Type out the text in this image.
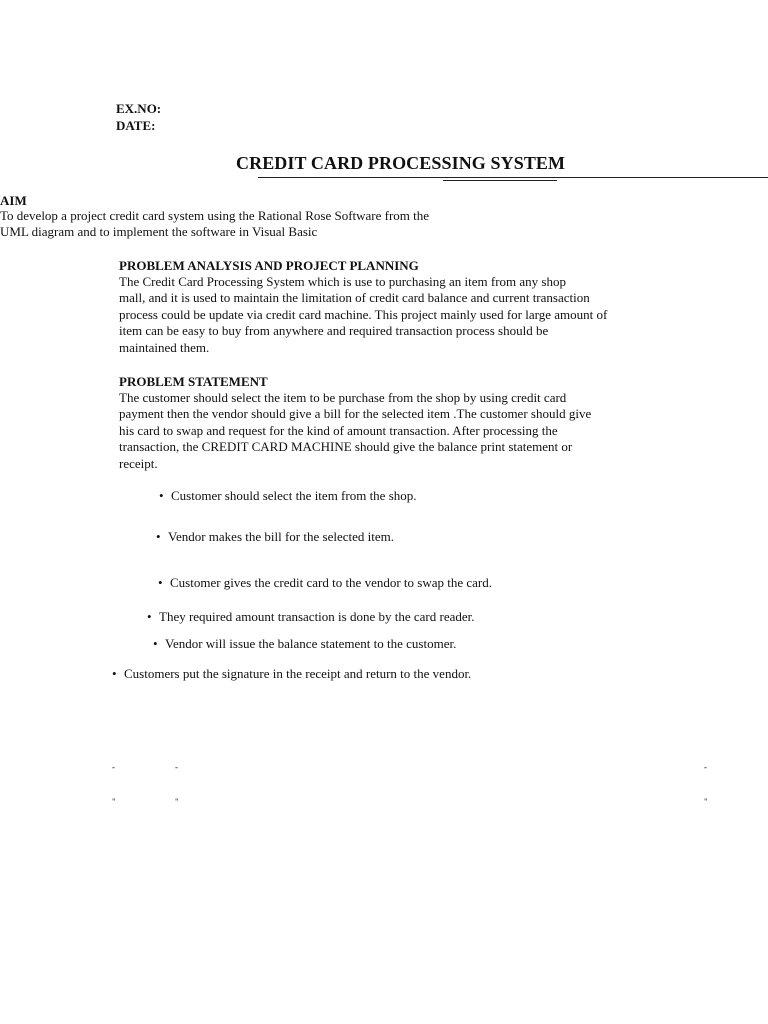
EX.NO:
DATE:
CREDIT CARD PROCESSING SYSTEM
AIM
To develop a project credit card system using the Rational Rose Software from the
UML diagram and to implement the software in Visual Basic
PROBLEM ANALYSIS AND PROJECT PLANNING
The Credit Card Processing System which is use to purchasing an item from any shop
mall, and it is used to maintain the limitation of credit card balance and current transaction
process could be update via credit card machine. This project mainly used for large amount of
item can be easy to buy from anywhere and required transaction process should be
maintained them.
PROBLEM STATEMENT
The customer should select the item to be purchase from the shop by using credit card
payment then the vendor should give a bill for the selected item .The customer should give
his card to swap and request for the kind of amount transaction. After processing the
transaction, the CREDIT CARD MACHINE should give the balance print statement or
receipt.
• Customer should select the item from the shop.
• Vendor makes the bill for the selected item.
• Customer gives the credit card to the vendor to swap the card.
• They required amount transaction is done by the card reader.
• Vendor will issue the balance statement to the customer.
• Customers put the signature in the receipt and return to the vendor.
-	-	-
"	"	"
